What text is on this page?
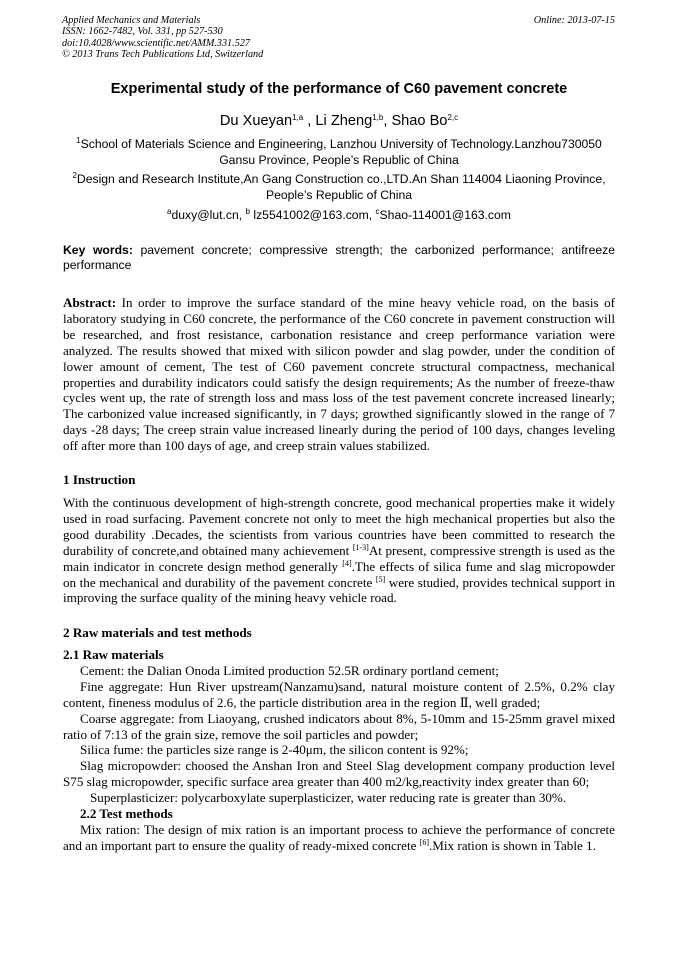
Applied Mechanics and Materials
ISSN: 1662-7482, Vol. 331, pp 527-530
doi:10.4028/www.scientific.net/AMM.331.527
© 2013 Trans Tech Publications Ltd, Switzerland
Online: 2013-07-15
Experimental study of the performance of C60 pavement concrete
Du Xueyan$^{1,a}$ , Li Zheng$^{1,b}$, Shao Bo$^{2,c}$
$^1$School of Materials Science and Engineering, Lanzhou University of Technology.Lanzhou730050
Gansu Province, People’s Republic of China
$^2$Design and Research Institute,An Gang Construction co.,LTD.An Shan 114004 Liaoning Province,
People’s Republic of China
$^a$duxy@lut.cn, $^b$ lz5541002@163.com, $^c$Shao-114001@163.com
Key words: pavement concrete; compressive strength; the carbonized performance; antifreeze performance

Abstract: In order to improve the surface standard of the mine heavy vehicle road, on the basis of laboratory studying in C60 concrete, the performance of the C60 concrete in pavement construction will be researched, and frost resistance, carbonation resistance and creep performance variation were analyzed. The results showed that mixed with silicon powder and slag powder, under the condition of lower amount of cement, The test of C60 pavement concrete structural compactness, mechanical properties and durability indicators could satisfy the design requirements; As the number of freeze-thaw cycles went up, the rate of strength loss and mass loss of the test pavement concrete increased linearly; The carbonized value increased significantly, in 7 days; growthed significantly slowed in the range of 7 days -28 days; The creep strain value increased linearly during the period of 100 days, changes leveling off after more than 100 days of age, and creep strain values stabilized.

1 Instruction

With the continuous development of high-strength concrete, good mechanical properties make it widely used in road surfacing. Pavement concrete not only to meet the high mechanical properties but also the good durability .Decades, the scientists from various countries have been committed to research the durability of concrete,and obtained many achievement [1-3]At present, compressive strength is used as the main indicator in concrete design method generally [4].The effects of silica fume and slag micropowder on the mechanical and durability of the pavement concrete [5] were studied, provides technical support in improving the surface quality of the mining heavy vehicle road.

2 Raw materials and test methods

2.1 Raw materials

Cement: the Dalian Onoda Limited production 52.5R ordinary portland cement;

Fine aggregate: Hun River upstream(Nanzamu)sand, natural moisture content of 2.5%, 0.2% clay content, fineness modulus of 2.6, the particle distribution area in the region Ⅱ, well graded;

Coarse aggregate: from Liaoyang, crushed indicators about 8%, 5-10mm and 15-25mm gravel mixed ratio of 7:13 of the grain size, remove the soil particles and powder;

Silica fume: the particles size range is 2-40μm, the silicon content is 92%;

Slag micropowder: choosed the Anshan Iron and Steel Slag development company production level S75 slag micropowder, specific surface area greater than 400 m2/kg,reactivity index greater than 60;

Superplasticizer: polycarboxylate superplasticizer, water reducing rate is greater than 30%.

2.2 Test methods

Mix ration: The design of mix ration is an important process to achieve the performance of concrete and an important part to ensure the quality of ready-mixed concrete [6].Mix ration is shown in Table 1.
